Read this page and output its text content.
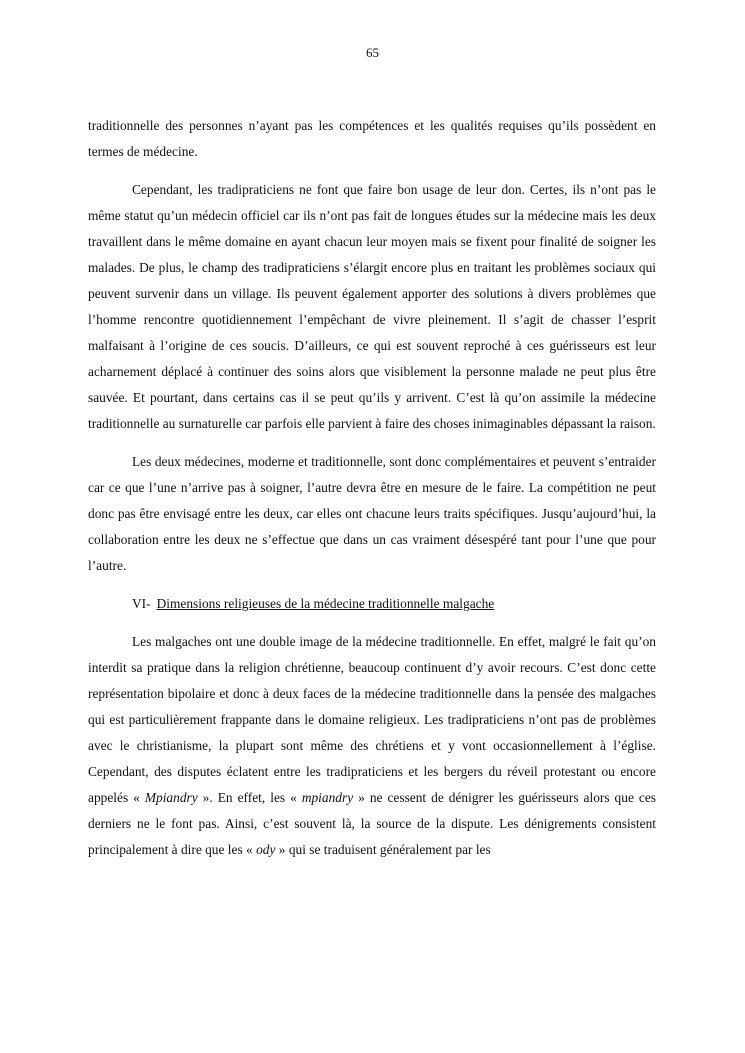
65

traditionnelle des personnes n’ayant pas les compétences et les qualités requises qu’ils possèdent en termes de médecine.

Cependant, les tradipraticiens ne font que faire bon usage de leur don. Certes, ils n’ont pas le même statut qu’un médecin officiel car ils n’ont pas fait de longues études sur la médecine mais les deux travaillent dans le même domaine en ayant chacun leur moyen mais se fixent pour finalité de soigner les malades. De plus, le champ des tradipraticiens s’élargit encore plus en traitant les problèmes sociaux qui peuvent survenir dans un village. Ils peuvent également apporter des solutions à divers problèmes que l’homme rencontre quotidiennement l’empêchant de vivre pleinement. Il s’agit de chasser l’esprit malfaisant à l’origine de ces soucis. D’ailleurs, ce qui est souvent reproché à ces guérisseurs est leur acharnement déplacé à continuer des soins alors que visiblement la personne malade ne peut plus être sauvée. Et pourtant, dans certains cas il se peut qu’ils y arrivent. C’est là qu’on assimile la médecine traditionnelle au surnaturelle car parfois elle parvient à faire des choses inimaginables dépassant la raison.

Les deux médecines, moderne et traditionnelle, sont donc complémentaires et peuvent s’entraider car ce que l’une n’arrive pas à soigner, l’autre devra être en mesure de le faire. La compétition ne peut donc pas être envisagé entre les deux, car elles ont chacune leurs traits spécifiques. Jusqu’aujourd’hui, la collaboration entre les deux ne s’effectue que dans un cas vraiment désespéré tant pour l’une que pour l’autre.

VI- Dimensions religieuses de la médecine traditionnelle malgache

Les malgaches ont une double image de la médecine traditionnelle. En effet, malgré le fait qu’on interdit sa pratique dans la religion chrétienne, beaucoup continuent d’y avoir recours. C’est donc cette représentation bipolaire et donc à deux faces de la médecine traditionnelle dans la pensée des malgaches qui est particulièrement frappante dans le domaine religieux. Les tradipraticiens n’ont pas de problèmes avec le christianisme, la plupart sont même des chrétiens et y vont occasionnellement à l’église. Cependant, des disputes éclatent entre les tradipraticiens et les bergers du réveil protestant ou encore appelés « Mpiandry ». En effet, les « mpiandry » ne cessent de dénigrer les guérisseurs alors que ces derniers ne le font pas. Ainsi, c’est souvent là, la source de la dispute. Les dénigrements consistent principalement à dire que les « ody » qui se traduisent généralement par les
